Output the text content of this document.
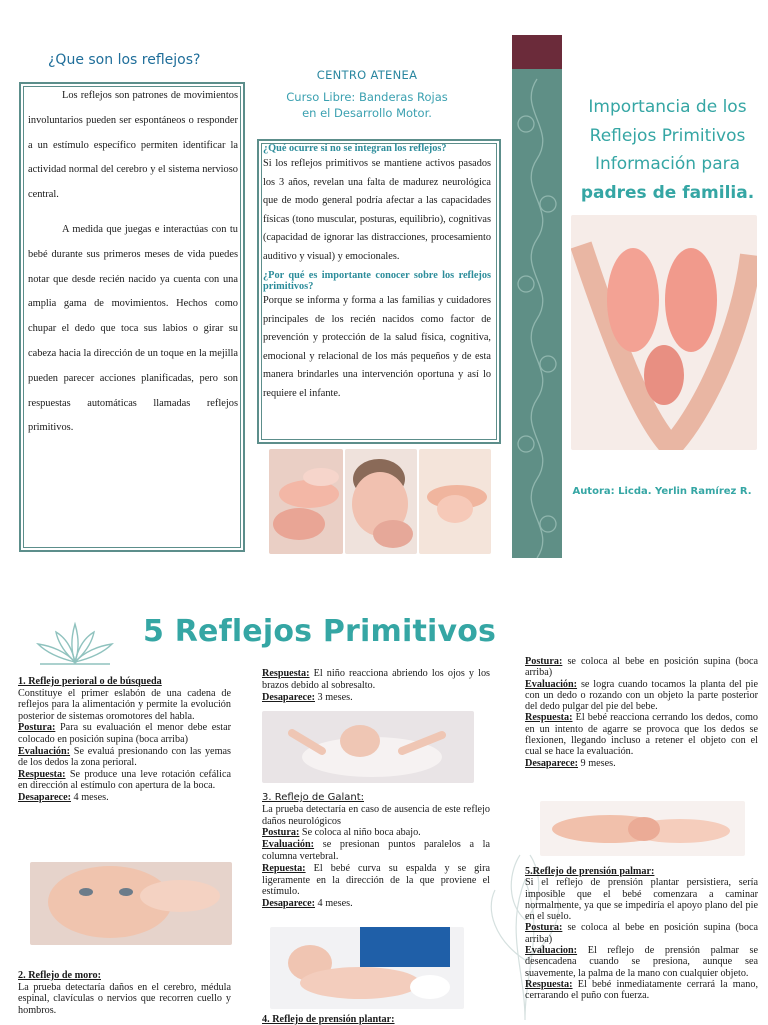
¿Que son los reflejos?

Los reflejos son patrones de movimientos involuntarios pueden ser espontáneos o responder a un estímulo específico permiten identificar la actividad normal del cerebro y el sistema nervioso central.

A medida que juegas e interactúas con tu bebé durante sus primeros meses de vida puedes notar que desde recién nacido ya cuenta con una amplia gama de movimientos. Hechos como chupar el dedo que toca sus labios o girar su cabeza hacia la dirección de un toque en la mejilla pueden parecer acciones planificadas, pero son respuestas automáticas llamadas reflejos primitivos.

CENTRO ATENEA
Curso Libre: Banderas Rojas
en el Desarrollo Motor.

¿Qué ocurre si no se integran los reflejos?

Si los reflejos primitivos se mantiene activos pasados los 3 años, revelan una falta de madurez neurológica que de modo general podría afectar a las capacidades físicas (tono muscular, posturas, equilibrio), cognitivas (capacidad de ignorar las distracciones, procesamiento auditivo y visual) y emocionales.

¿Por qué es importante conocer sobre los reflejos primitivos?

Porque se informa y forma a las familias y cuidadores principales de los recién nacidos como factor de prevención y protección de la salud física, cognitiva, emocional y relacional de los más pequeños y de esta manera brindarles una intervención oportuna y así lo requiere el infante.

Importancia de los
Reflejos Primitivos
Información para
padres de familia.
Autora: Licda. Yerlin Ramírez R.
5 Reflejos Primitivos

1. Reflejo perioral o de búsqueda

Constituye el primer eslabón de una cadena de reflejos para la alimentación y permite la evolución posterior de sistemas oromotores del habla.

Postura: Para su evaluación el menor debe estar colocado en posición supina (boca arriba)

Evaluación: Se evaluá presionando con las yemas de los dedos la zona perioral.

Respuesta: Se produce una leve rotación cefálica en dirección al estímulo con apertura de la boca.

Desaparece: 4 meses.

2. Reflejo de moro:

La prueba detectaría daños en el cerebro, médula espinal, clavículas o nervios que recorren cuello y hombros.

Respuesta: El niño reacciona abriendo los ojos y los brazos debido al sobresalto.

Desaparece: 3 meses.

3. Reflejo de Galant:

La prueba detectaría en caso de ausencia de este reflejo daños neurológicos

Postura: Se coloca al niño boca abajo.

Evaluación: se presionan puntos paralelos a la columna vertebral.

Repuesta: El bebé curva su espalda y se gira ligeramente en la dirección de la que proviene el estímulo.

Desaparece: 4 meses.

4. Reflejo de prensión plantar:

Postura: se coloca al bebe en posición supina (boca arriba)

Evaluación: se logra cuando tocamos la planta del pie con un dedo o rozando con un objeto la parte posterior del dedo pulgar del pie del bebe.

Respuesta: El bebé reacciona cerrando los dedos, como en un intento de agarre se provoca que los dedos se flexionen, llegando incluso a retener el objeto con el cual se hace la evaluación.

Desaparece: 9 meses.

5.Reflejo de prensión palmar:

Si el reflejo de prensión plantar persistiera, sería imposible que el bebé comenzara a caminar normalmente, ya que se impediría el apoyo plano del pie en el suelo.

Postura: se coloca al bebe en posición supina (boca arriba)

Evaluacion: El reflejo de prensión palmar se desencadena cuando se presiona, aunque sea suavemente, la palma de la mano con cualquier objeto.

Respuesta: El bebé inmediatamente cerrará la mano, cerrarando el puño con fuerza.
